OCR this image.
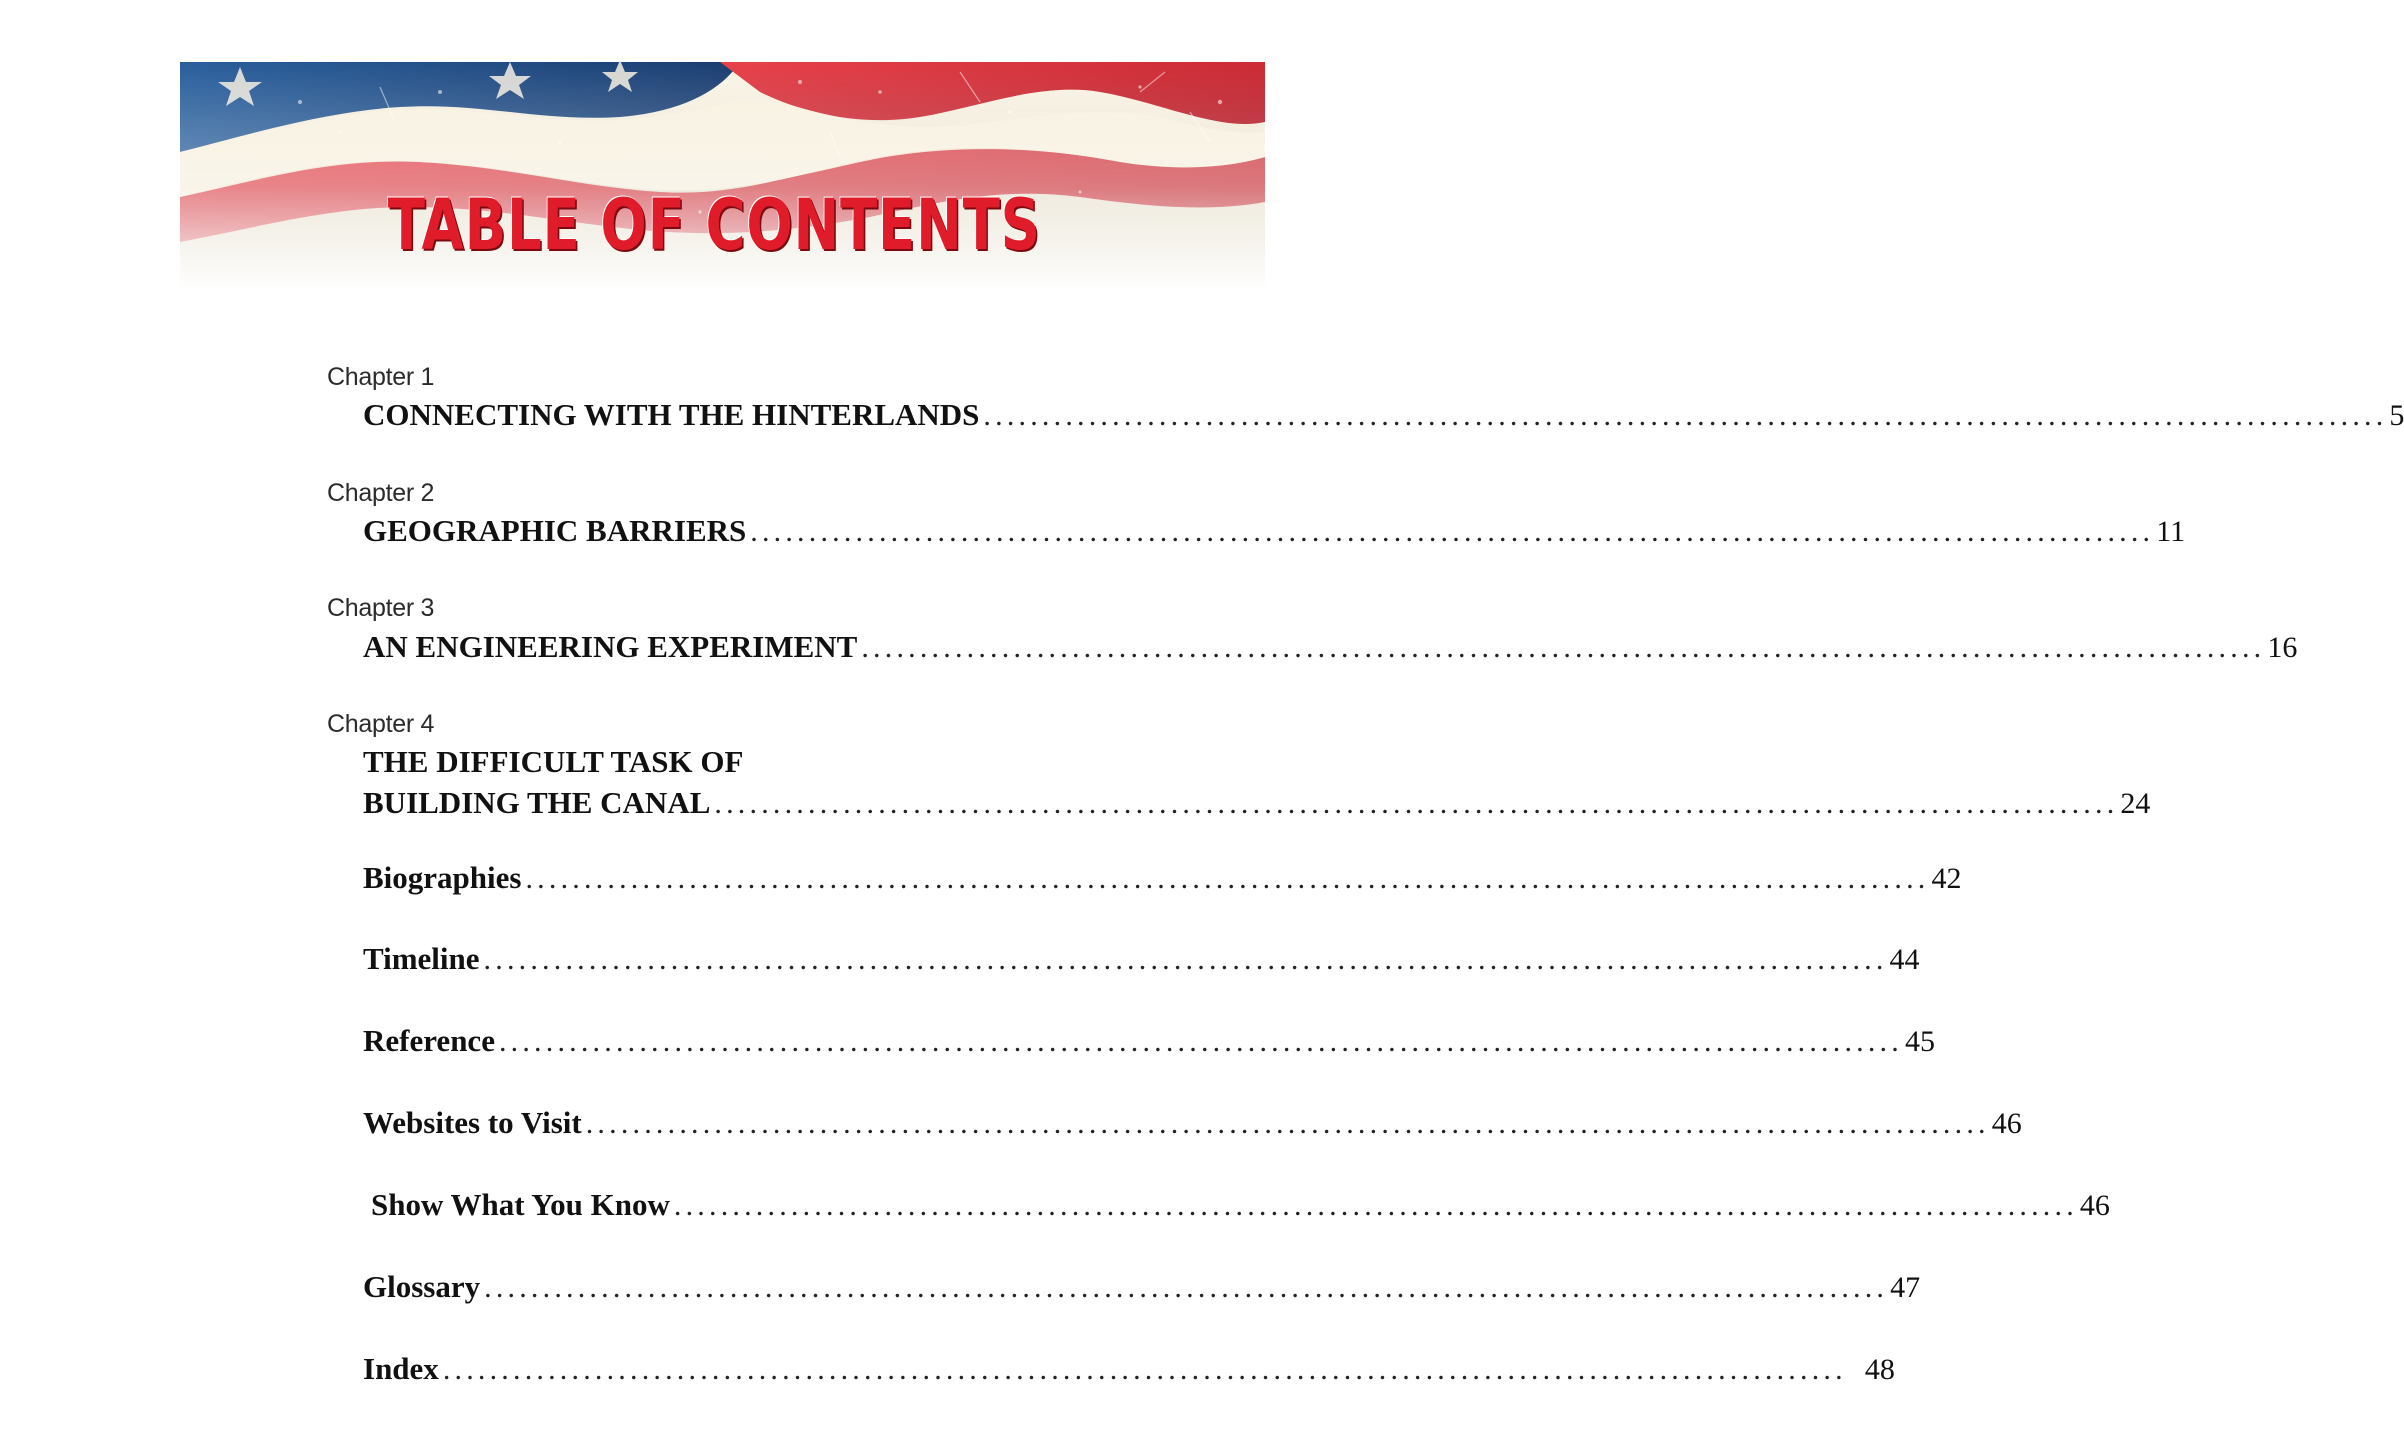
TABLE OF CONTENTS

Chapter 1

CONNECTING WITH THE HINTERLANDS ........................................................................................................................ 5

Chapter 2

GEOGRAPHIC BARRIERS ........................................................................................................................ 11

Chapter 3

AN ENGINEERING EXPERIMENT ........................................................................................................................ 16

Chapter 4

THE DIFFICULT TASK OF

BUILDING THE CANAL ........................................................................................................................ 24
Biographies ........................................................................................................................ 42
Timeline ........................................................................................................................ 44
Reference ........................................................................................................................ 45
Websites to Visit ........................................................................................................................ 46
Show What You Know ........................................................................................................................ 46
Glossary ........................................................................................................................ 47
Index ........................................................................................................................ 48
